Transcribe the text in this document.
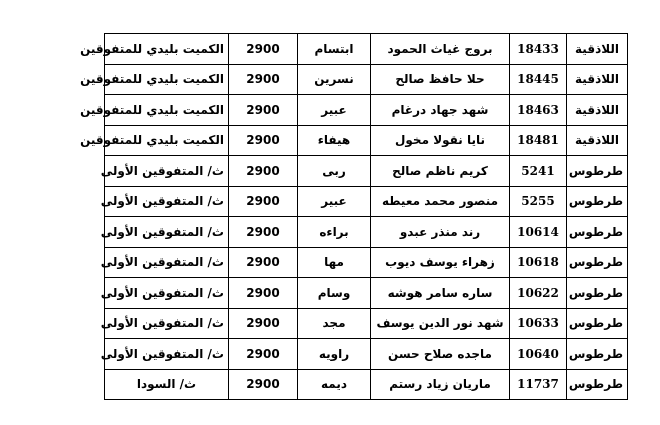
اللاذقية	18433	بروج غياث الحمود	ابتسام	2900	الكميت بليدي للمتفوقين
اللاذقية	18445	حلا حافظ صالح	نسرين	2900	الكميت بليدي للمتفوقين
اللاذقية	18463	شهد جهاد درغام	عبير	2900	الكميت بليدي للمتفوقين
اللاذقية	18481	نايا نقولا مخول	هيفاء	2900	الكميت بليدي للمتفوقين
طرطوس	5241	كريم ناظم صالح	ربى	2900	ث/ المتفوقين الأولى
طرطوس	5255	منصور محمد معيطه	عبير	2900	ث/ المتفوقين الأولى
طرطوس	10614	رند منذر عبدو	براءه	2900	ث/ المتفوقين الأولى
طرطوس	10618	زهراء يوسف ديوب	مها	2900	ث/ المتفوقين الأولى
طرطوس	10622	ساره سامر هوشه	وسام	2900	ث/ المتفوقين الأولى
طرطوس	10633	شهد نور الدين يوسف	مجد	2900	ث/ المتفوقين الأولى
طرطوس	10640	ماجده صلاح حسن	راويه	2900	ث/ المتفوقين الأولى
طرطوس	11737	ماريان زياد رستم	ديمه	2900	ث/ السودا
